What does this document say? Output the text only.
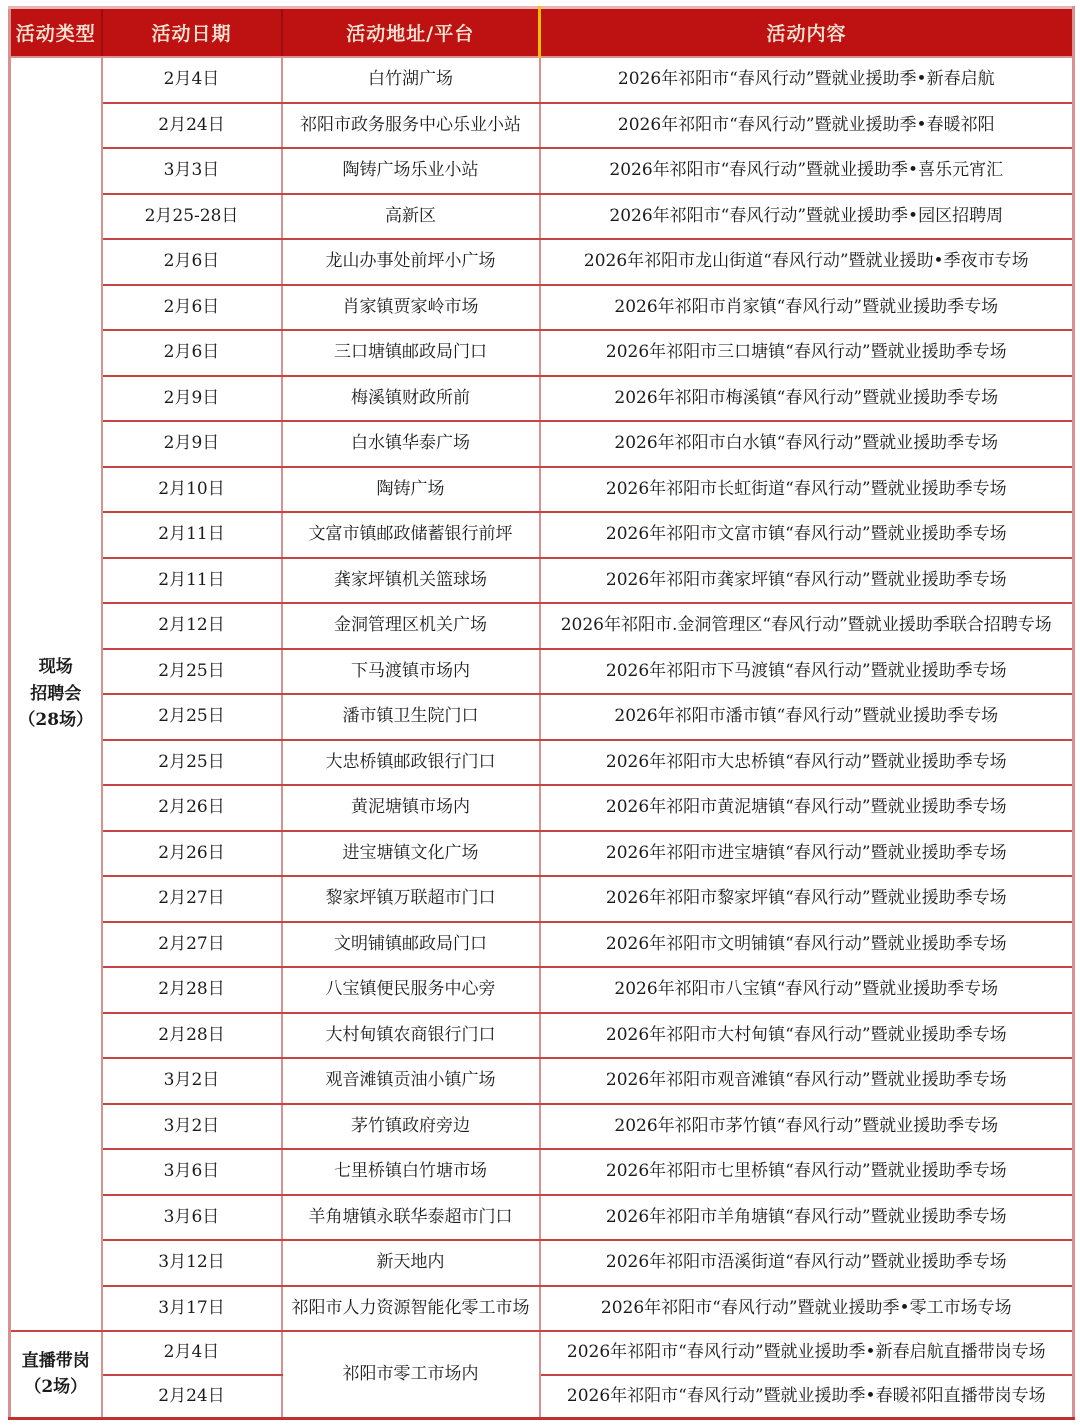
活动类型	活动日期	活动地址/平台	活动内容
现场
招聘会
（28场）	2月4日	白竹湖广场	2026年祁阳市“春风行动”暨就业援助季•新春启航
	2月24日	祁阳市政务服务中心乐业小站	2026年祁阳市“春风行动”暨就业援助季•春暖祁阳
	3月3日	陶铸广场乐业小站	2026年祁阳市“春风行动”暨就业援助季•喜乐元宵汇
	2月25-28日	高新区	2026年祁阳市“春风行动”暨就业援助季•园区招聘周
	2月6日	龙山办事处前坪小广场	2026年祁阳市龙山街道“春风行动”暨就业援助•季夜市专场
	2月6日	肖家镇贾家岭市场	2026年祁阳市肖家镇“春风行动”暨就业援助季专场
	2月6日	三口塘镇邮政局门口	2026年祁阳市三口塘镇“春风行动”暨就业援助季专场
	2月9日	梅溪镇财政所前	2026年祁阳市梅溪镇“春风行动”暨就业援助季专场
	2月9日	白水镇华泰广场	2026年祁阳市白水镇“春风行动”暨就业援助季专场
	2月10日	陶铸广场	2026年祁阳市长虹街道“春风行动”暨就业援助季专场
	2月11日	文富市镇邮政储蓄银行前坪	2026年祁阳市文富市镇“春风行动”暨就业援助季专场
	2月11日	龚家坪镇机关篮球场	2026年祁阳市龚家坪镇“春风行动”暨就业援助季专场
	2月12日	金洞管理区机关广场	2026年祁阳市.金洞管理区“春风行动”暨就业援助季联合招聘专场
	2月25日	下马渡镇市场内	2026年祁阳市下马渡镇“春风行动”暨就业援助季专场
	2月25日	潘市镇卫生院门口	2026年祁阳市潘市镇“春风行动”暨就业援助季专场
	2月25日	大忠桥镇邮政银行门口	2026年祁阳市大忠桥镇“春风行动”暨就业援助季专场
	2月26日	黄泥塘镇市场内	2026年祁阳市黄泥塘镇“春风行动”暨就业援助季专场
	2月26日	进宝塘镇文化广场	2026年祁阳市进宝塘镇“春风行动”暨就业援助季专场
	2月27日	黎家坪镇万联超市门口	2026年祁阳市黎家坪镇“春风行动”暨就业援助季专场
	2月27日	文明铺镇邮政局门口	2026年祁阳市文明铺镇“春风行动”暨就业援助季专场
	2月28日	八宝镇便民服务中心旁	2026年祁阳市八宝镇“春风行动”暨就业援助季专场
	2月28日	大村甸镇农商银行门口	2026年祁阳市大村甸镇“春风行动”暨就业援助季专场
	3月2日	观音滩镇贡油小镇广场	2026年祁阳市观音滩镇“春风行动”暨就业援助季专场
	3月2日	茅竹镇政府旁边	2026年祁阳市茅竹镇“春风行动”暨就业援助季专场
	3月6日	七里桥镇白竹塘市场	2026年祁阳市七里桥镇“春风行动”暨就业援助季专场
	3月6日	羊角塘镇永联华泰超市门口	2026年祁阳市羊角塘镇“春风行动”暨就业援助季专场
	3月12日	新天地内	2026年祁阳市浯溪街道“春风行动”暨就业援助季专场
	3月17日	祁阳市人力资源智能化零工市场	2026年祁阳市“春风行动”暨就业援助季•零工市场专场
直播带岗
（2场）	2月4日	祁阳市零工市场内	2026年祁阳市“春风行动”暨就业援助季•新春启航直播带岗专场
	2月24日		2026年祁阳市“春风行动”暨就业援助季•春暖祁阳直播带岗专场
